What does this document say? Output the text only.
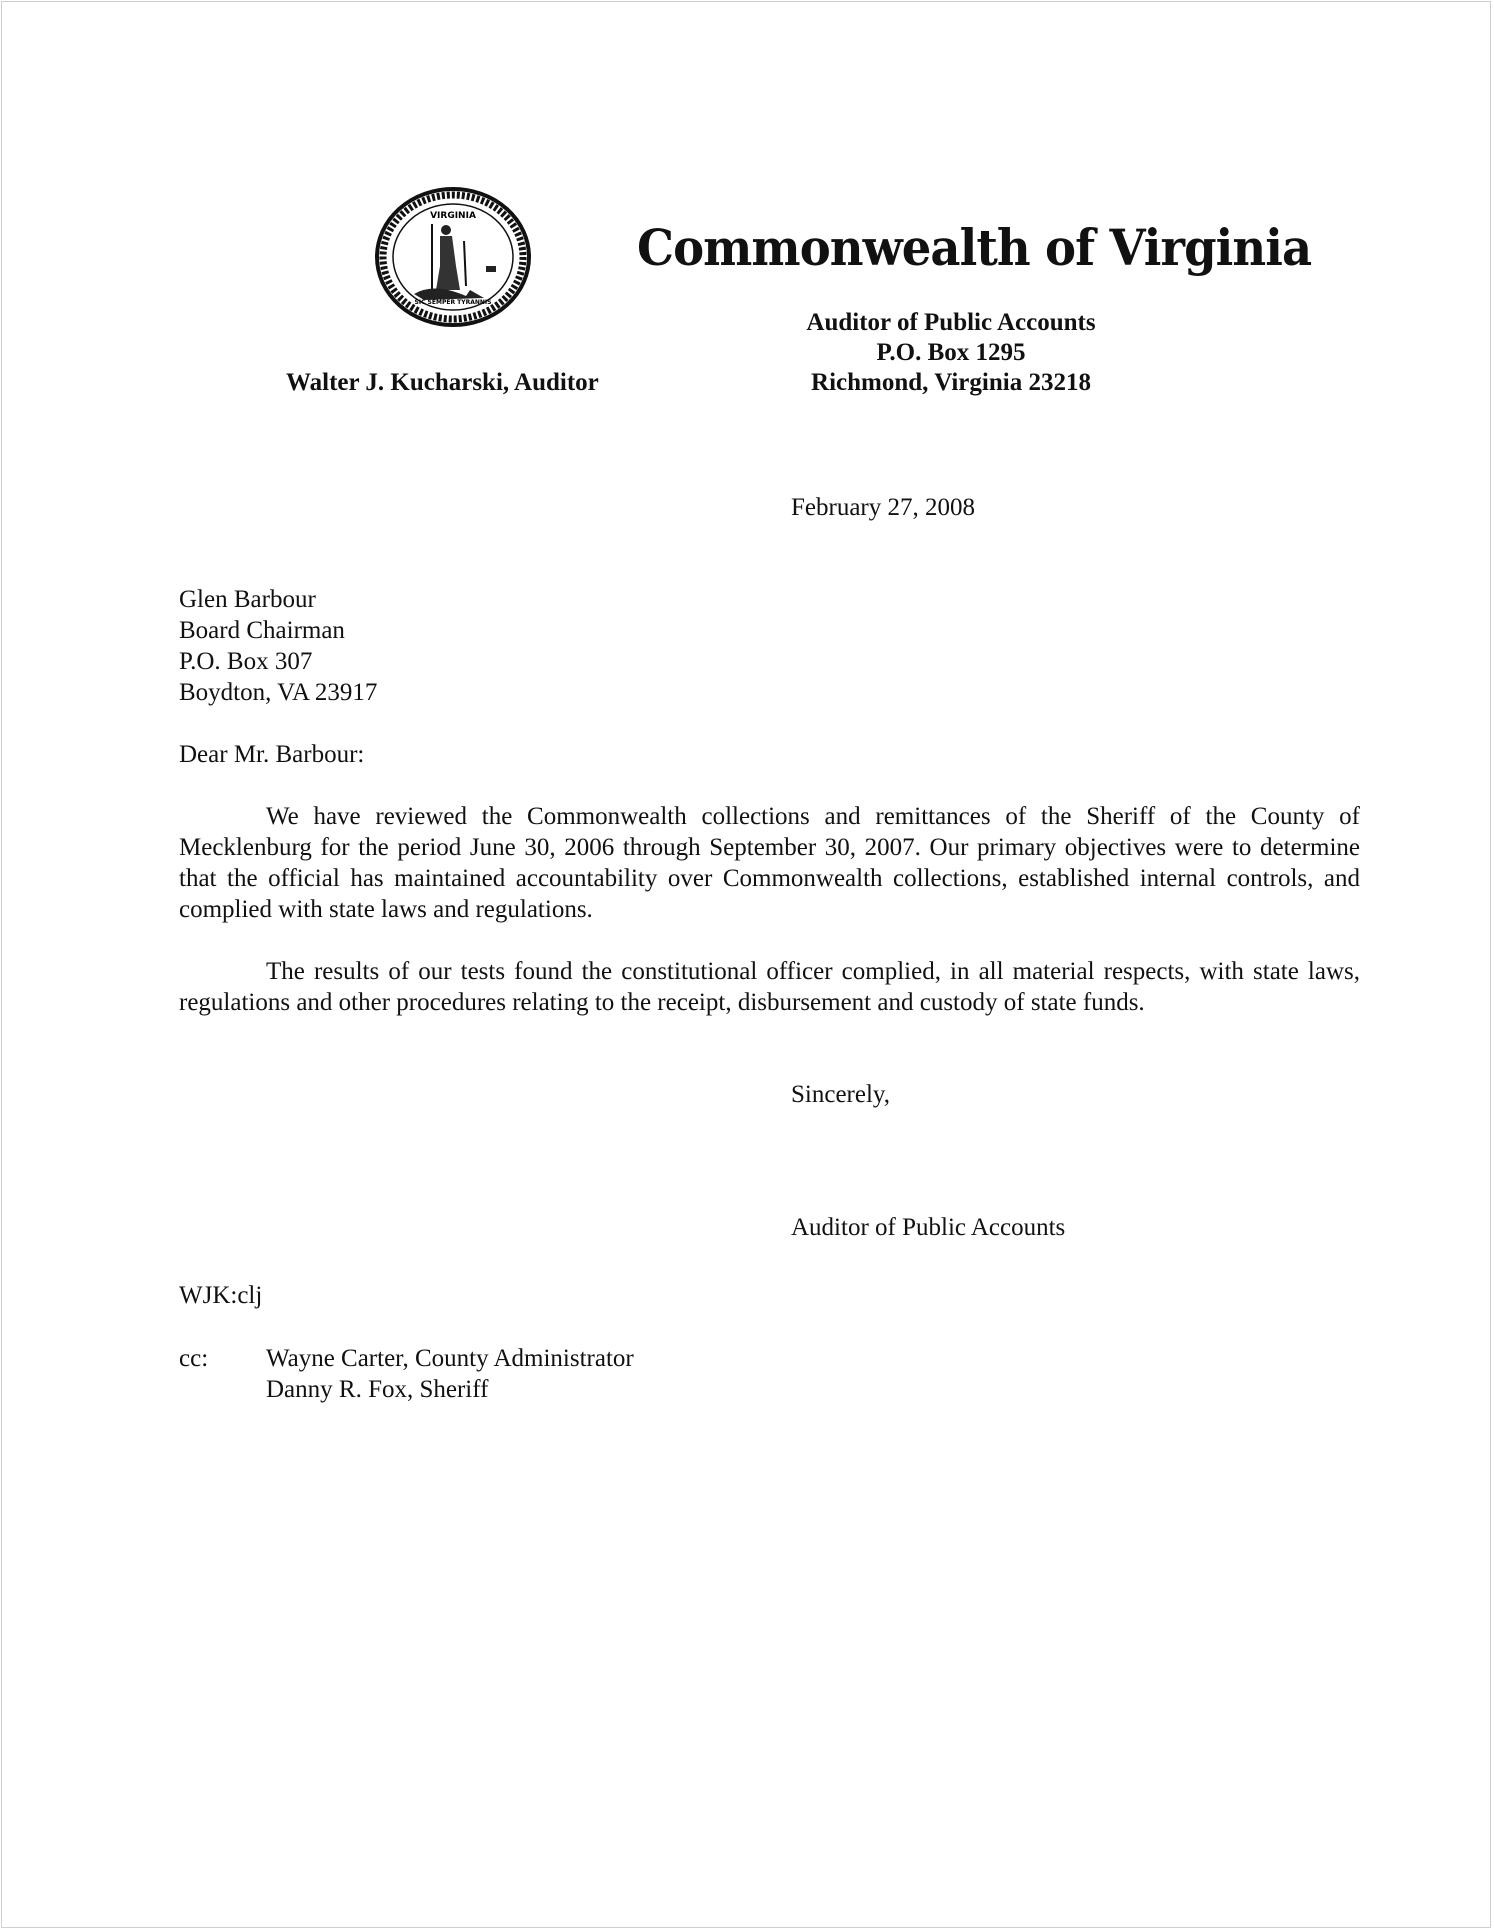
VIRGINIA
SIC SEMPER TYRANNIS
Commonwealth of Virginia
Auditor of Public Accounts
P.O. Box 1295
Richmond, Virginia 23218
Walter J. Kucharski, Auditor
February 27, 2008
Glen Barbour
Board Chairman
P.O. Box 307
Boydton, VA 23917
Dear Mr. Barbour:
We have reviewed the Commonwealth collections and remittances of the Sheriff of the County of Mecklenburg for the period June 30, 2006 through September 30, 2007. Our primary objectives were to determine that the official has maintained accountability over Commonwealth collections, established internal controls, and complied with state laws and regulations.
The results of our tests found the constitutional officer complied, in all material respects, with state laws, regulations and other procedures relating to the receipt, disbursement and custody of state funds.
Sincerely,
Auditor of Public Accounts
WJK:clj
cc: Wayne Carter, County Administrator
Danny R. Fox, Sheriff
